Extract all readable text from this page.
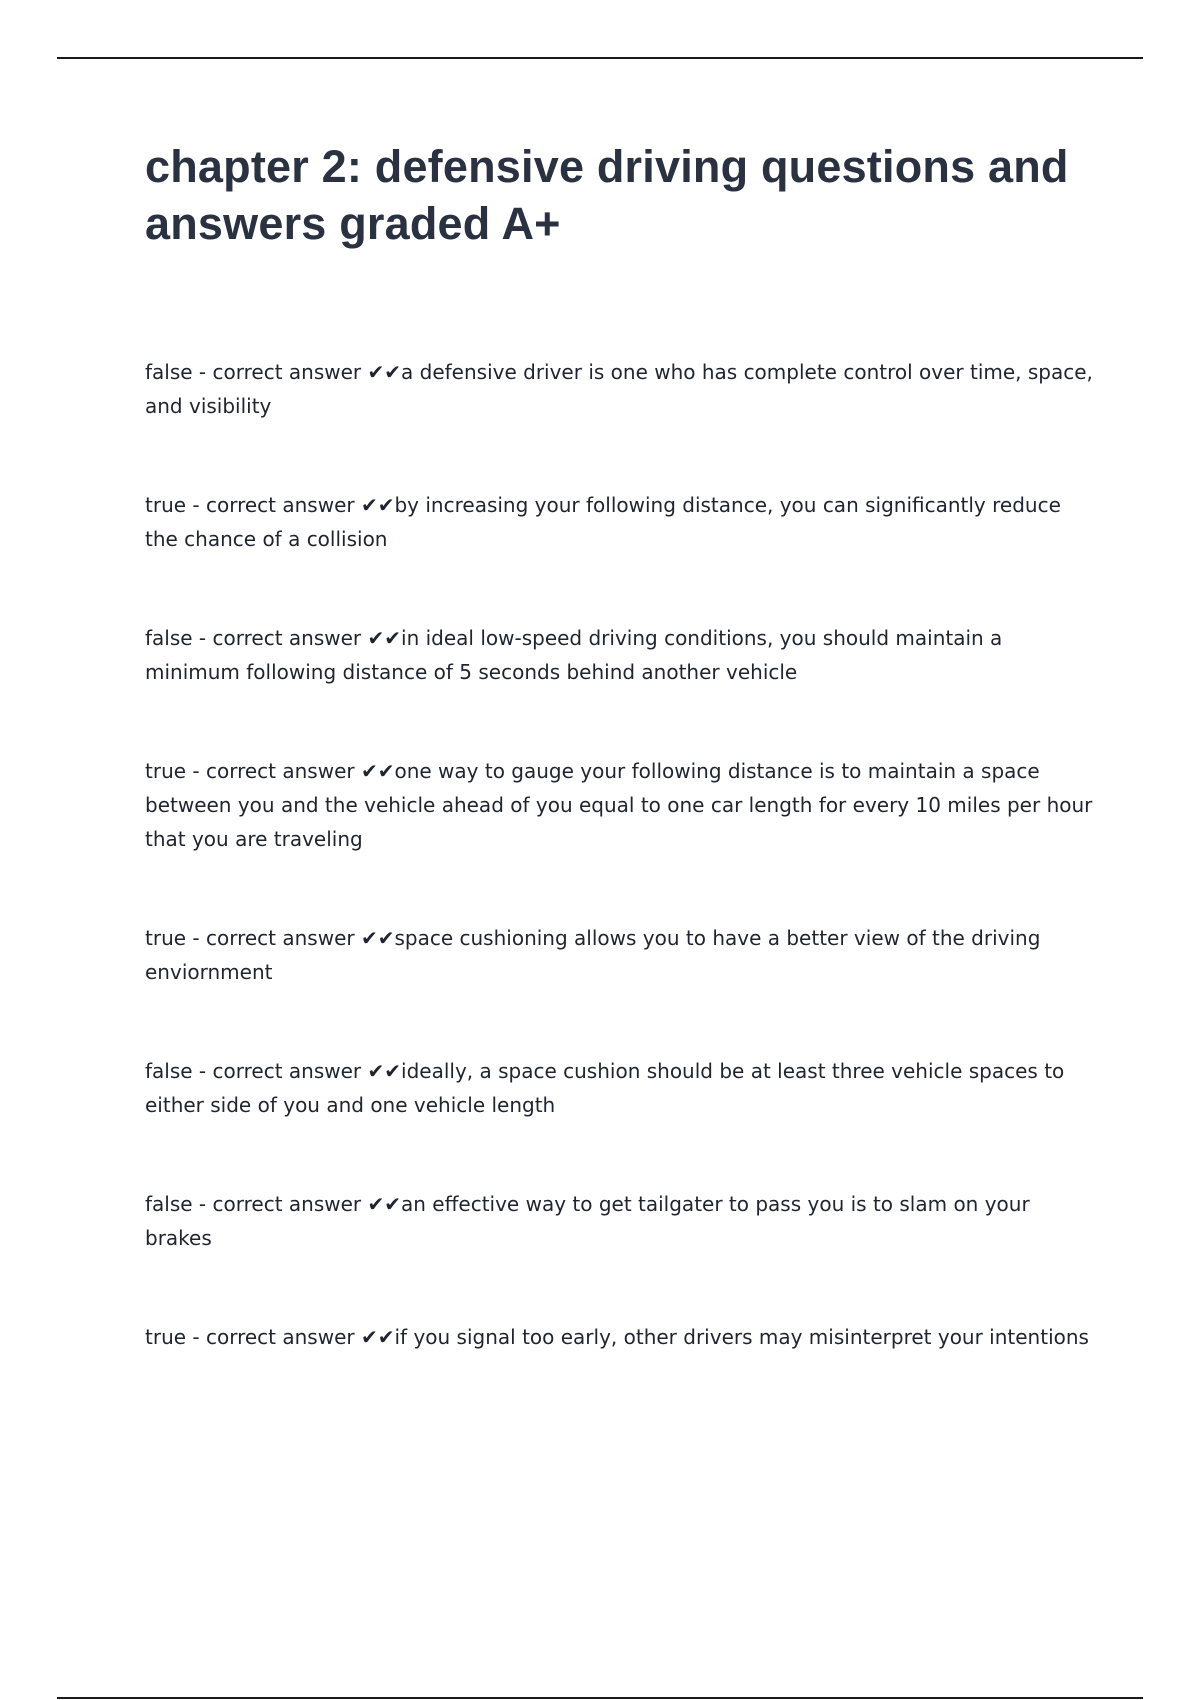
chapter 2: defensive driving questions and answers graded A+
false - correct answer ✔✔a defensive driver is one who has complete control over time, space, and visibility
true - correct answer ✔✔by increasing your following distance, you can significantly reduce the chance of a collision
false - correct answer ✔✔in ideal low-speed driving conditions, you should maintain a minimum following distance of 5 seconds behind another vehicle
true - correct answer ✔✔one way to gauge your following distance is to maintain a space between you and the vehicle ahead of you equal to one car length for every 10 miles per hour that you are traveling
true - correct answer ✔✔space cushioning allows you to have a better view of the driving enviornment
false - correct answer ✔✔ideally, a space cushion should be at least three vehicle spaces to either side of you and one vehicle length
false - correct answer ✔✔an effective way to get tailgater to pass you is to slam on your brakes
true - correct answer ✔✔if you signal too early, other drivers may misinterpret your intentions
